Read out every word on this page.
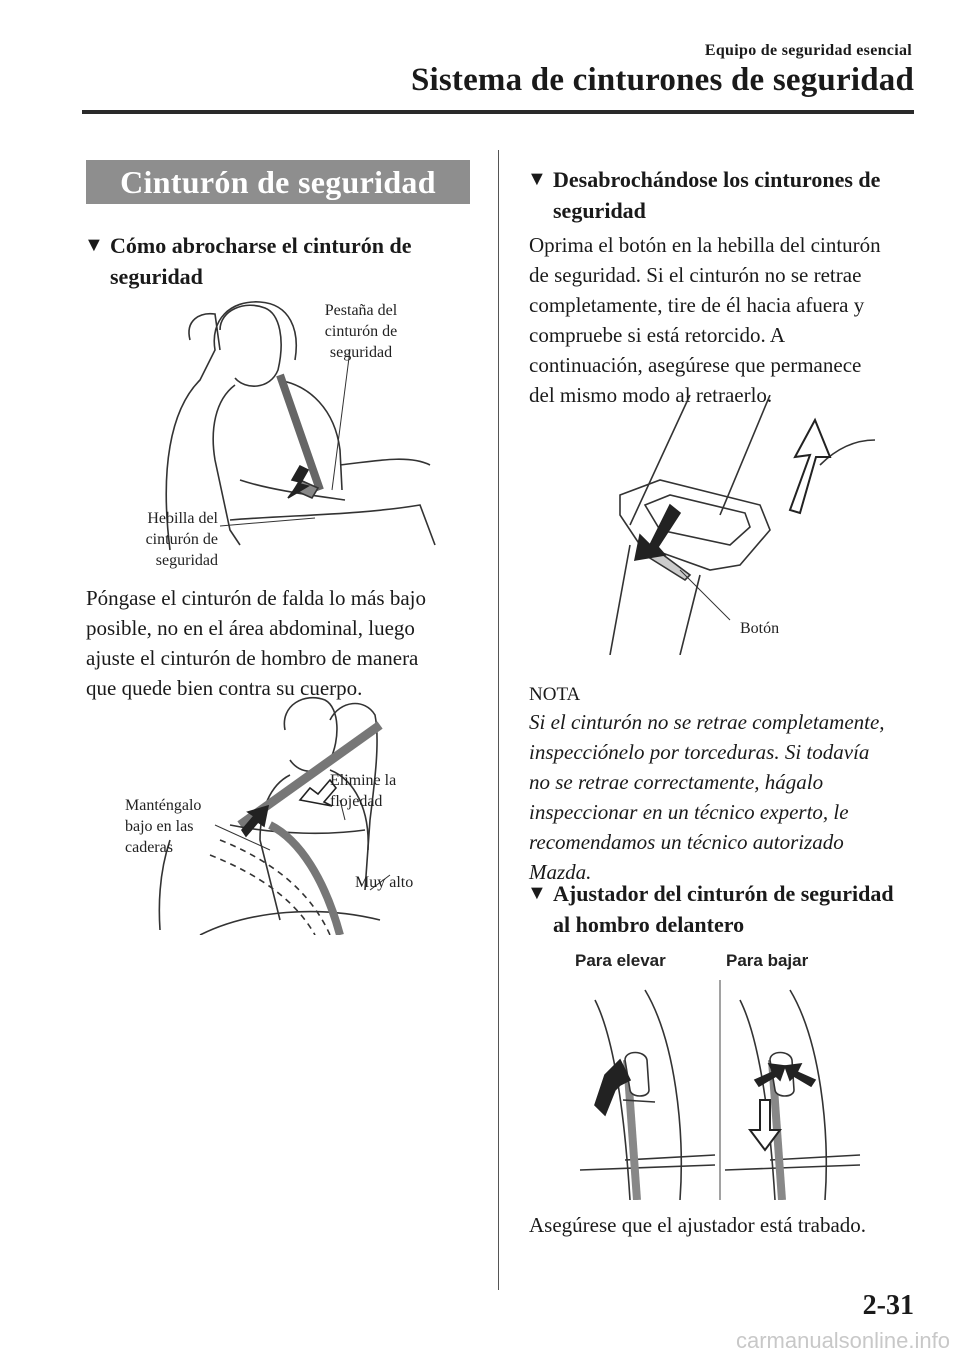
Equipo de seguridad esencial
Sistema de cinturones de seguridad
Cinturón de seguridad
▼ Cómo abrocharse el cinturón de
seguridad
Pestaña del
cinturón de
seguridad
Hebilla del
cinturón de
seguridad
Póngase el cinturón de falda lo más bajo
posible, no en el área abdominal, luego
ajuste el cinturón de hombro de manera
que quede bien contra su cuerpo.
Elimine la
flojedad
Manténgalo
bajo en las
caderas
Muy alto
▼ Desabrochándose los cinturones de
seguridad
Oprima el botón en la hebilla del cinturón
de seguridad. Si el cinturón no se retrae
completamente, tire de él hacia afuera y
compruebe si está retorcido. A
continuación, asegúrese que permanece
del mismo modo al retraerlo.
Botón
NOTA
Si el cinturón no se retrae completamente,
inspecciónelo por torceduras. Si todavía
no se retrae correctamente, hágalo
inspeccionar en un técnico experto, le
recomendamos un técnico autorizado
Mazda.
▼ Ajustador del cinturón de seguridad
al hombro delantero
Para elevar	Para bajar
Asegúrese que el ajustador está trabado.
2-31
carmanualsonline.info
